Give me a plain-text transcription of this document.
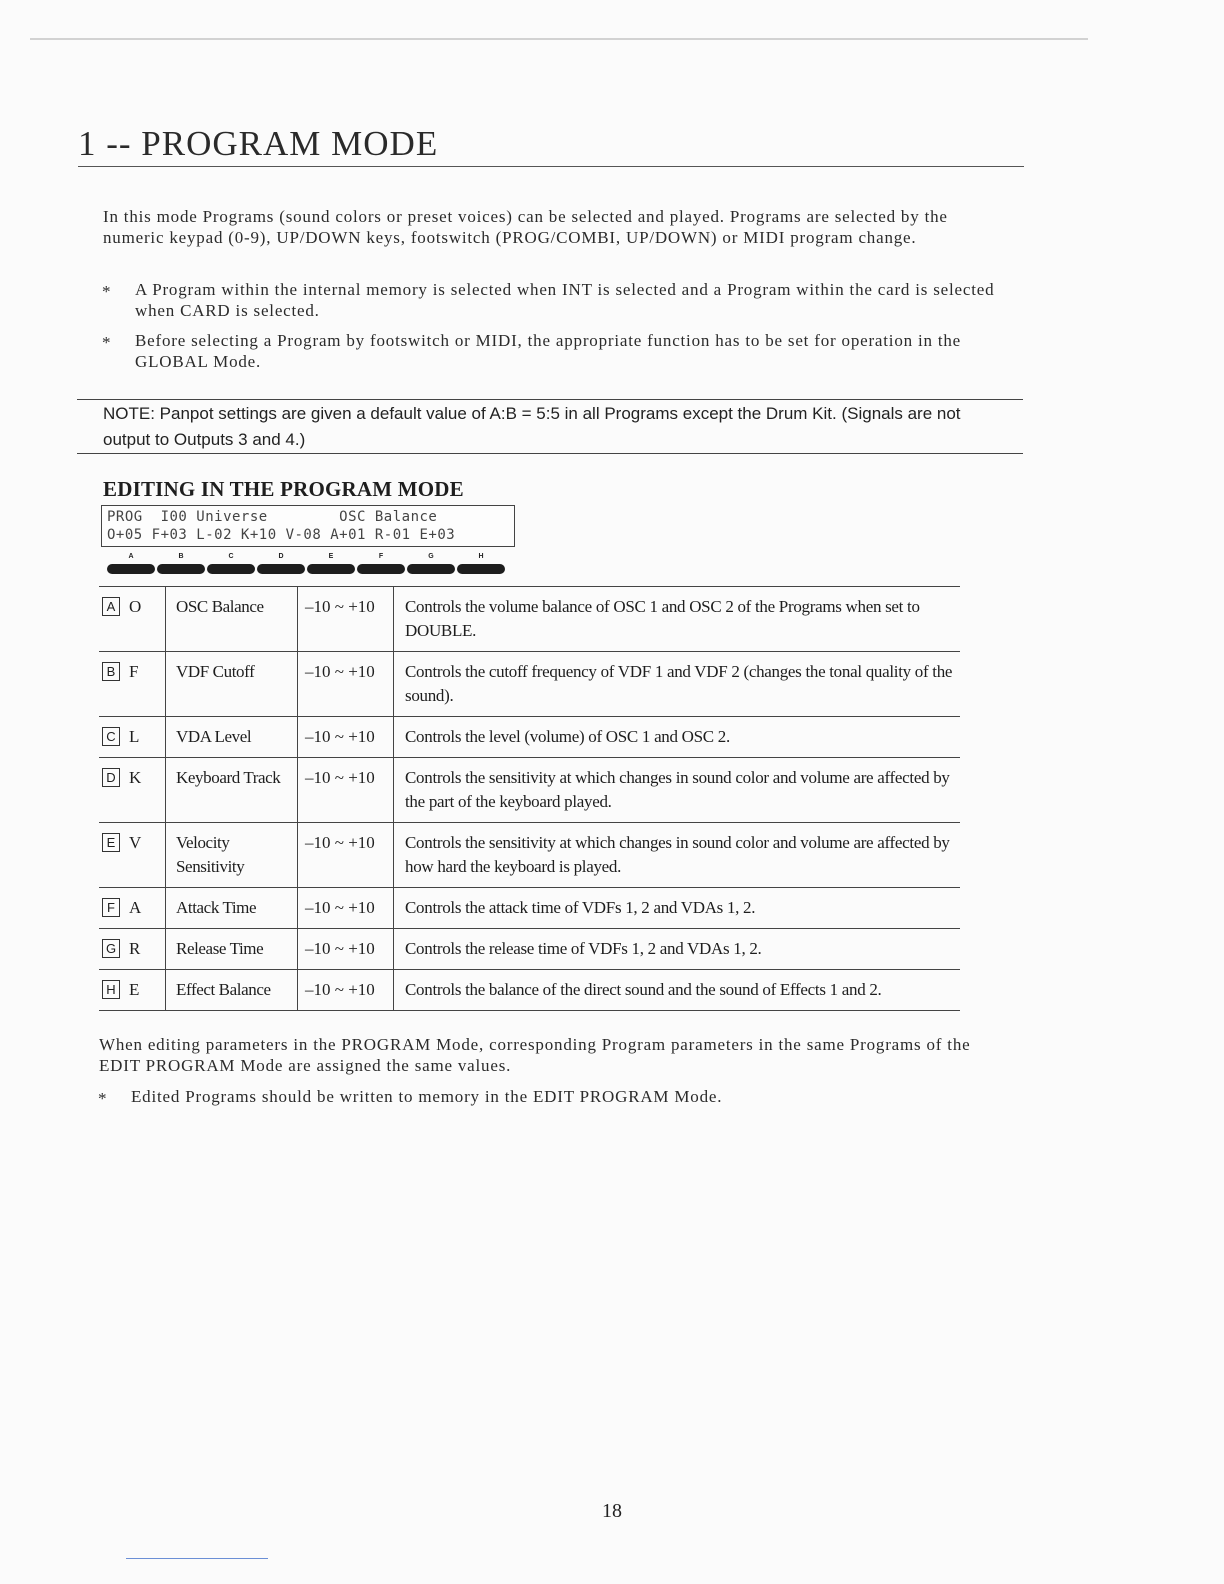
1 -- PROGRAM MODE

In this mode Programs (sound colors or preset voices) can be selected and played. Programs are selected by the numeric keypad (0-9), UP/DOWN keys, footswitch (PROG/COMBI, UP/DOWN) or MIDI program change.

* A Program within the internal memory is selected when INT is selected and a Program within the card is selected when CARD is selected.
* Before selecting a Program by footswitch or MIDI, the appropriate function has to be set for operation in the GLOBAL Mode.
NOTE: Panpot settings are given a default value of A:B = 5:5 in all Programs except the Drum Kit. (Signals are not output to Outputs 3 and 4.)
EDITING IN THE PROGRAM MODE
PROG  I00 Universe        OSC Balance
O+05 F+03 L-02 K+10 V-08 A+01 R-01 E+03
A	B	C	D	E	F	G	H
A O	OSC Balance	–10 ~ +10	Controls the volume balance of OSC 1 and OSC 2 of the Programs when set to DOUBLE.
B F	VDF Cutoff	–10 ~ +10	Controls the cutoff frequency of VDF 1 and VDF 2 (changes the tonal quality of the sound).
C L	VDA Level	–10 ~ +10	Controls the level (volume) of OSC 1 and OSC 2.
D K	Keyboard Track	–10 ~ +10	Controls the sensitivity at which changes in sound color and volume are affected by the part of the keyboard played.
E V	Velocity Sensitivity	–10 ~ +10	Controls the sensitivity at which changes in sound color and volume are affected by how hard the keyboard is played.
F A	Attack Time	–10 ~ +10	Controls the attack time of VDFs 1, 2 and VDAs 1, 2.
G R	Release Time	–10 ~ +10	Controls the release time of VDFs 1, 2 and VDAs 1, 2.
H E	Effect Balance	–10 ~ +10	Controls the balance of the direct sound and the sound of Effects 1 and 2.

When editing parameters in the PROGRAM Mode, corresponding Program parameters in the same Programs of the EDIT PROGRAM Mode are assigned the same values.

* Edited Programs should be written to memory in the EDIT PROGRAM Mode.
18
